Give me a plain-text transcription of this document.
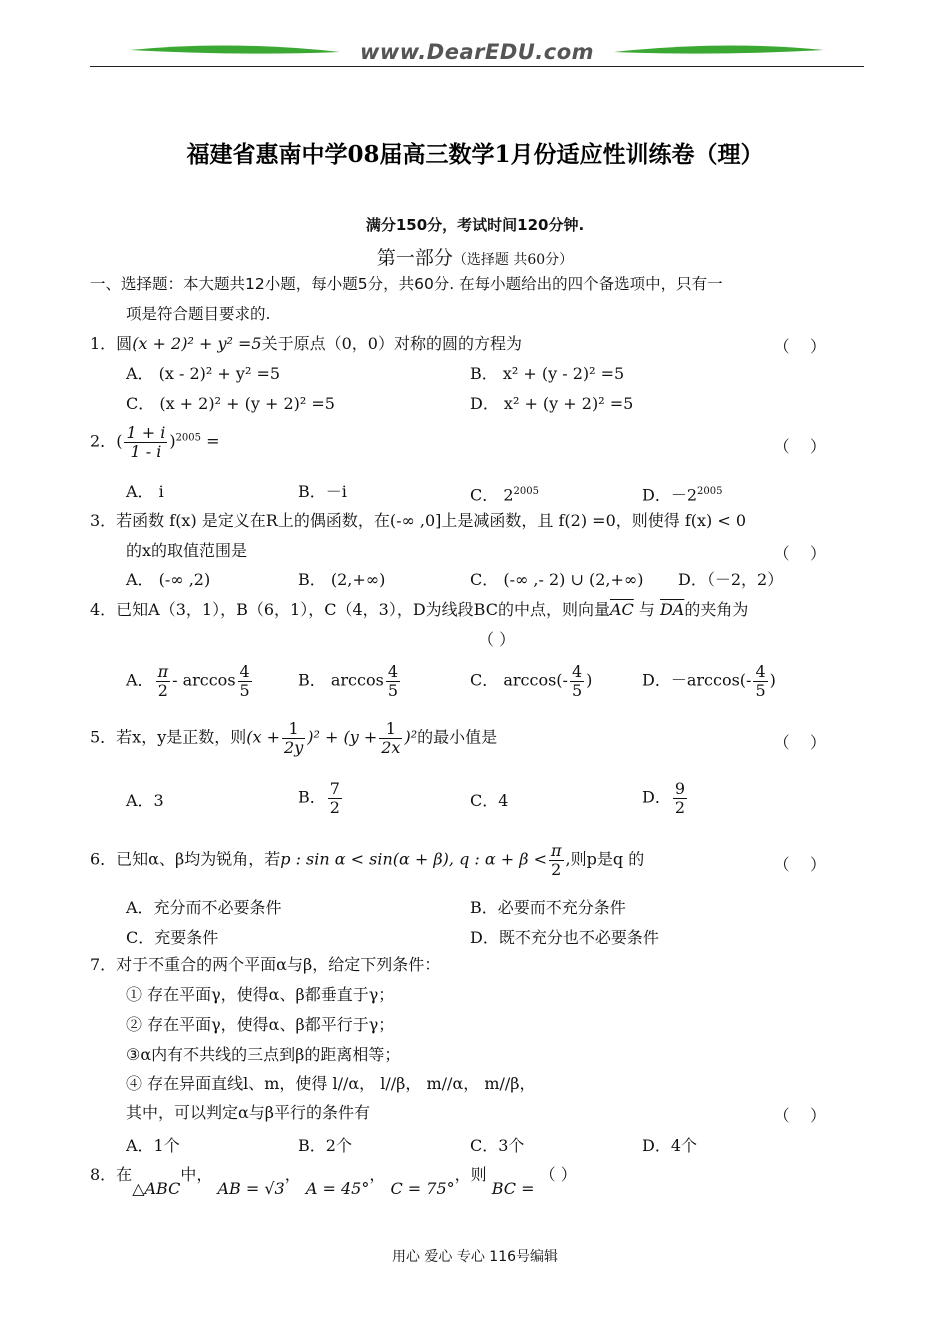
www.DearEDU.com
福建省惠南中学08届高三数学1月份适应性训练卷（理）
满分150分，考试时间120分钟.
第一部分（选择题 共60分）
一、选择题：本大题共12小题，每小题5分，共60分. 在每小题给出的四个备选项中，只有一
项是符合题目要求的.
1．圆(x + 2)² + y² =5关于原点（0，0）对称的圆的方程为	（    ）
A． (x - 2)² + y² =5	B． x² + (y - 2)² =5
C． (x + 2)² + (y + 2)² =5	D． x² + (y + 2)² =5
2．( $\frac{1 + i}{1 - i} )^{2005}$ =	（    ）
A． i	B．－i	C． $2^{2005}$	D．$-2^{2005}$
3．若函数 f(x) 是定义在R上的偶函数，在(-∞ ,0]上是减函数，且 f(2) =0，则使得 f(x) < 0
的x的取值范围是	（    ）
A． (-∞ ,2)	B． (2,+∞)	C． (-∞ ,- 2) ∪ (2,+∞) D．（－2，2）
4．已知A（3，1），B（6，1），C（4，3），D为线段BC的中点，则向量$\overline{AC}$ 与 $\overline{DA}$的夹角为
（ ）
A． $\frac{\pi}{2}$ - $\arccos \frac{4}{5}$	B． $\arccos \frac{4}{5}$	C． $\arccos(- \frac{4}{5}$ )	D．$-\arccos(- \frac{4}{5}$ )
5．若x，y是正数，则$(x + \frac{1}{2y} )^2 + (y + \frac{1}{2x} )^2$的最小值是	（    ）
A．3	B． $\frac{7}{2}$	C．4	D． $\frac{9}{2}$
6．已知α、β均为锐角，若p : sin α < sin(α + β), q : $\alpha + \beta < \frac{\pi}{2}$ ,则p是q 的	（    ）
A．充分而不必要条件	B．必要而不充分条件
C．充要条件	D．既不充分也不必要条件
7．对于不重合的两个平面α与β，给定下列条件：
① 存在平面γ，使得α、β都垂直于γ；
② 存在平面γ，使得α、β都平行于γ；
③α内有不共线的三点到β的距离相等；
④ 存在异面直线l、m，使得 l//α， l//β， m//α， m//β，
其中，可以判定α与β平行的条件有	（    ）
A．1个	B．2个	C．3个	D．4个
8．在△ABC中， AB = √3， A = 45°， C = 75°，则 BC = （ ）
用心 爱心 专心 116号编辑
